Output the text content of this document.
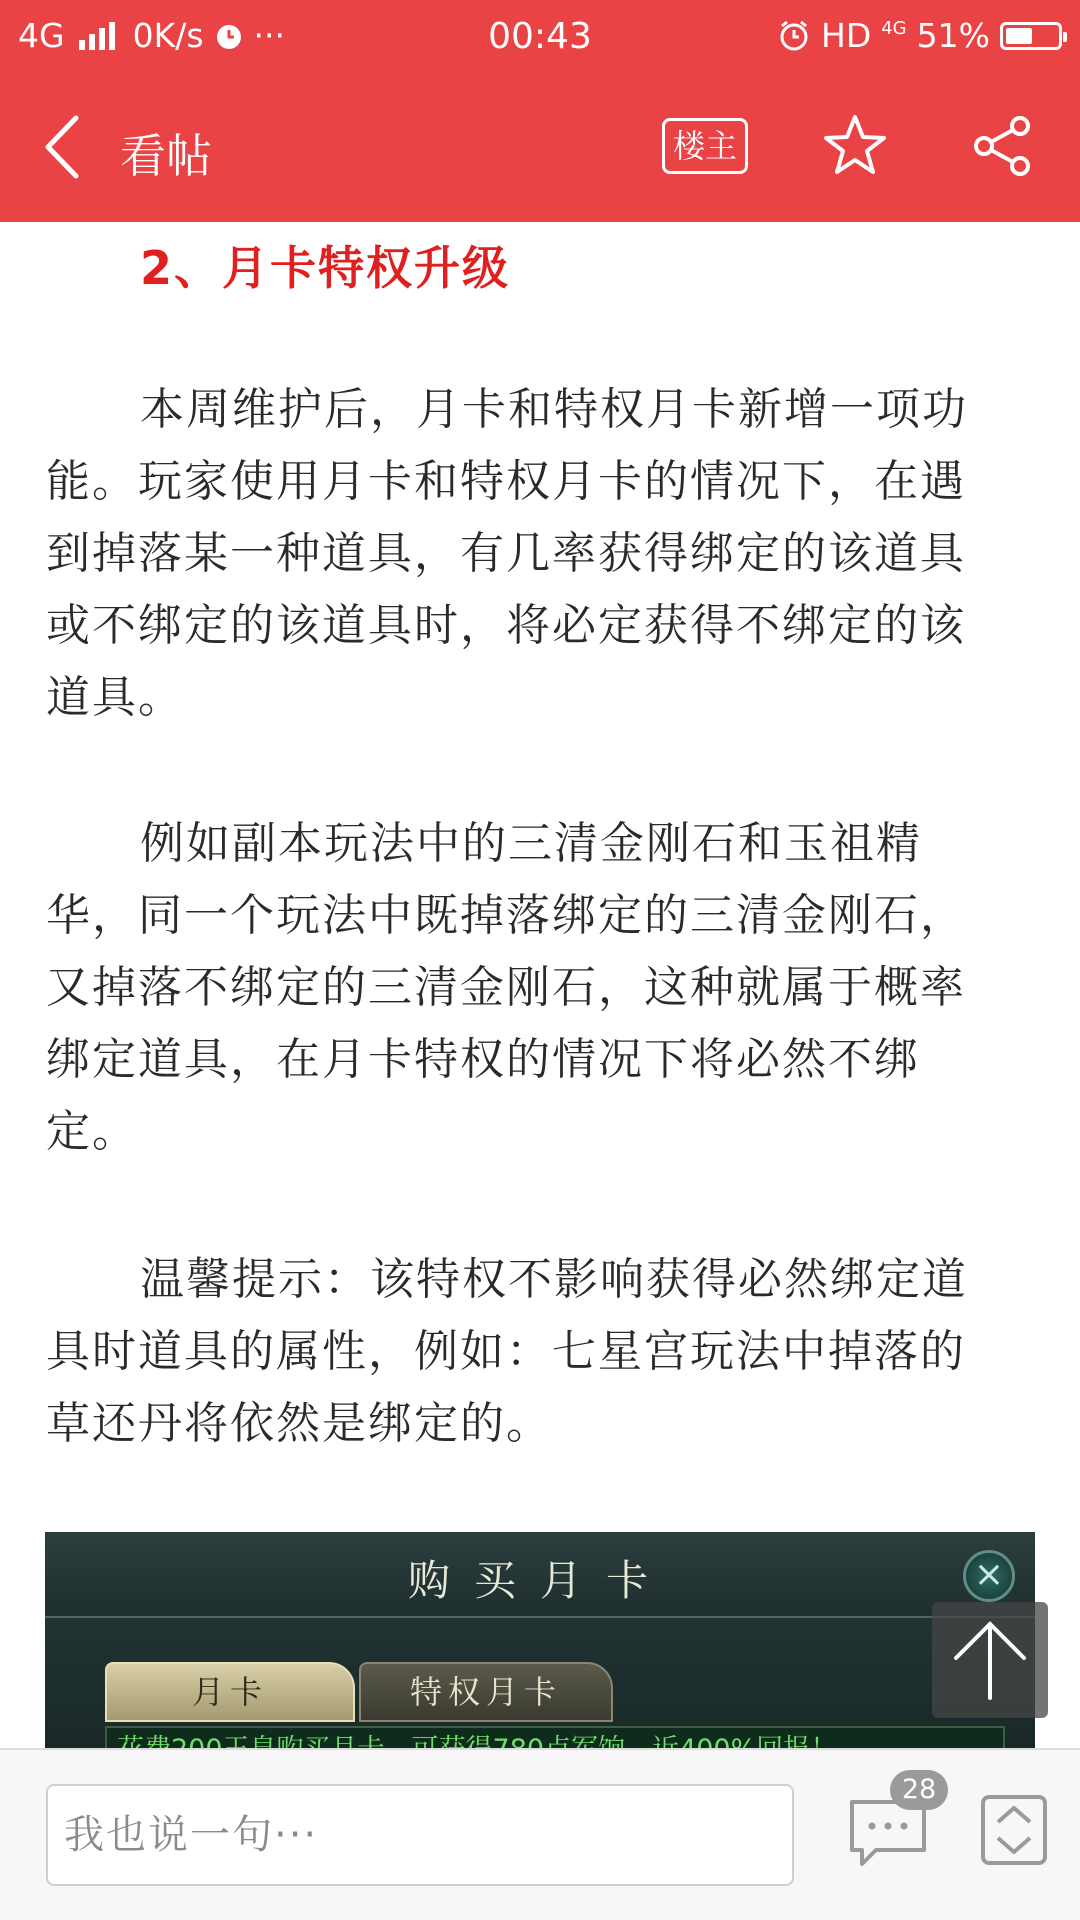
4G 0K/s ···	00:43	HD 4G 51%
看帖	楼主
2、月卡特权升级

本周维护后，月卡和特权月卡新增一项功能。玩家使用月卡和特权月卡的情况下，在遇到掉落某一种道具，有几率获得绑定的该道具或不绑定的该道具时，将必定获得不绑定的该道具。

例如副本玩法中的三清金刚石和玉祖精华，同一个玩法中既掉落绑定的三清金刚石，又掉落不绑定的三清金刚石，这种就属于概率绑定道具，在月卡特权的情况下将必然不绑定。

温馨提示：该特权不影响获得必然绑定道具时道具的属性，例如：七星宫玩法中掉落的草还丹将依然是绑定的。

购买月卡	×
月卡	特权月卡
我也说一句···
28
